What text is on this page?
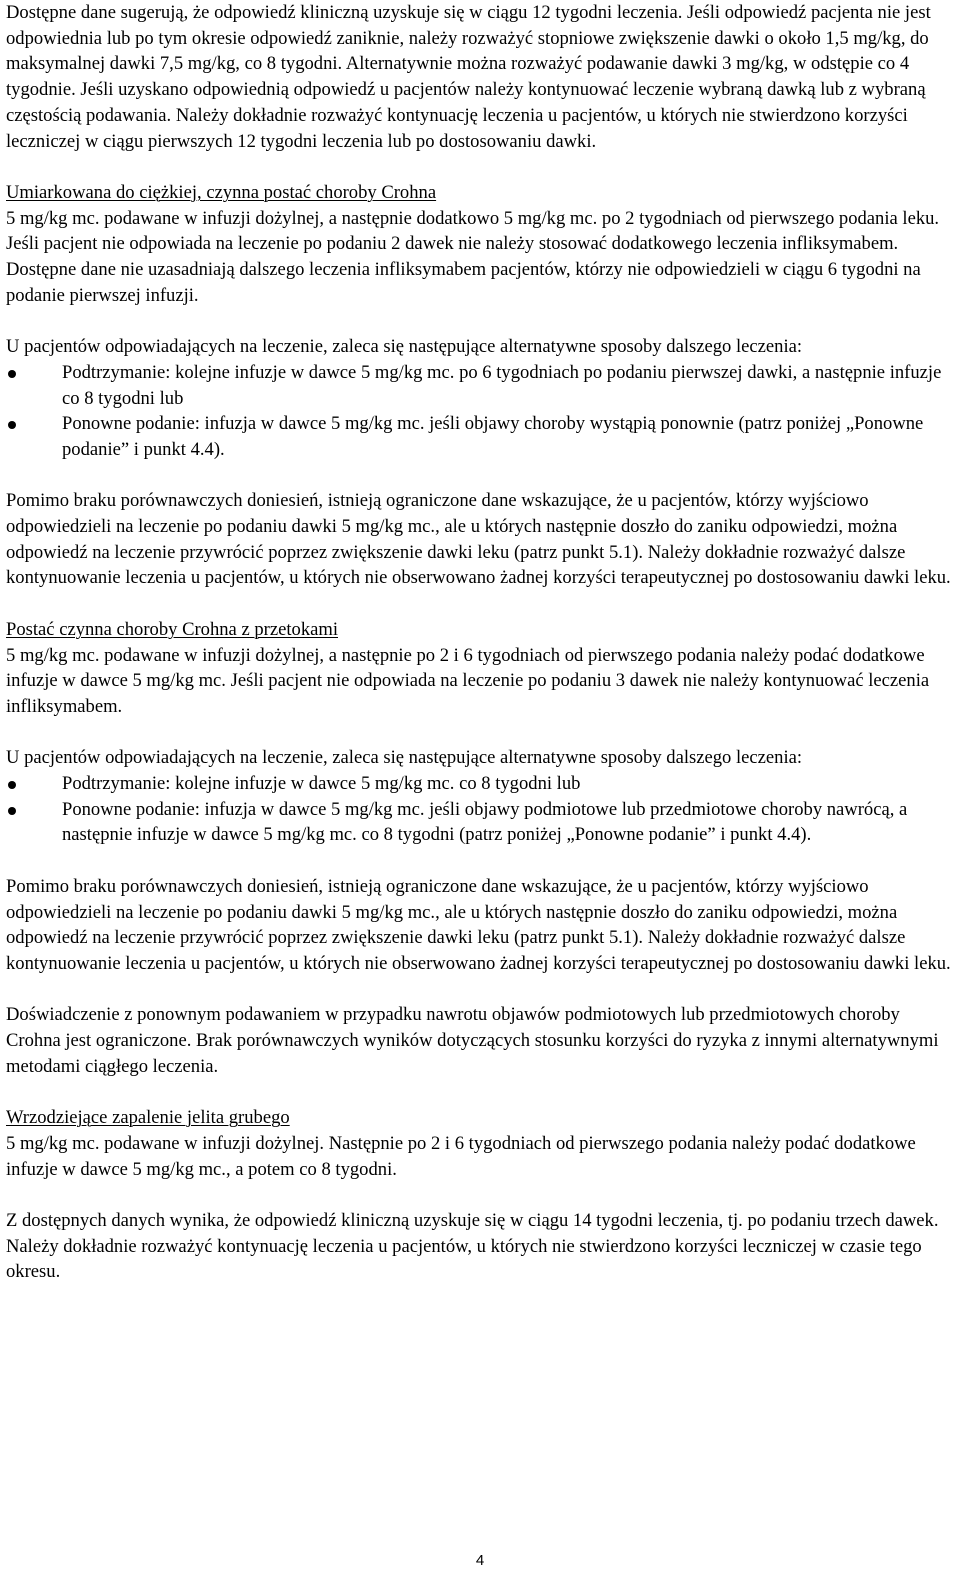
Dostępne dane sugerują, że odpowiedź kliniczną uzyskuje się w ciągu 12 tygodni leczenia. Jeśli odpowiedź pacjenta nie jest odpowiednia lub po tym okresie odpowiedź zaniknie, należy rozważyć stopniowe zwiększenie dawki o około 1,5 mg/kg, do maksymalnej dawki 7,5 mg/kg, co 8 tygodni. Alternatywnie można rozważyć podawanie dawki 3 mg/kg, w odstępie co 4 tygodnie. Jeśli uzyskano odpowiednią odpowiedź u pacjentów należy kontynuować leczenie wybraną dawką lub z wybraną częstością podawania. Należy dokładnie rozważyć kontynuację leczenia u pacjentów, u których nie stwierdzono korzyści leczniczej w ciągu pierwszych 12 tygodni leczenia lub po dostosowaniu dawki.

Umiarkowana do ciężkiej, czynna postać choroby Crohna

5 mg/kg mc. podawane w infuzji dożylnej, a następnie dodatkowo 5 mg/kg mc. po 2 tygodniach od pierwszego podania leku. Jeśli pacjent nie odpowiada na leczenie po podaniu 2 dawek nie należy stosować dodatkowego leczenia infliksymabem. Dostępne dane nie uzasadniają dalszego leczenia infliksymabem pacjentów, którzy nie odpowiedzieli w ciągu 6 tygodni na podanie pierwszej infuzji.

U pacjentów odpowiadających na leczenie, zaleca się następujące alternatywne sposoby dalszego leczenia:

Podtrzymanie: kolejne infuzje w dawce 5 mg/kg mc. po 6 tygodniach po podaniu pierwszej dawki, a następnie infuzje co 8 tygodni lub
Ponowne podanie: infuzja w dawce 5 mg/kg mc. jeśli objawy choroby wystąpią ponownie (patrz poniżej „Ponowne podanie” i punkt 4.4).

Pomimo braku porównawczych doniesień, istnieją ograniczone dane wskazujące, że u pacjentów, którzy wyjściowo odpowiedzieli na leczenie po podaniu dawki 5 mg/kg mc., ale u których następnie doszło do zaniku odpowiedzi, można odpowiedź na leczenie przywrócić poprzez zwiększenie dawki leku (patrz punkt 5.1). Należy dokładnie rozważyć dalsze kontynuowanie leczenia u pacjentów, u których nie obserwowano żadnej korzyści terapeutycznej po dostosowaniu dawki leku.

Postać czynna choroby Crohna z przetokami

5 mg/kg mc. podawane w infuzji dożylnej, a następnie po 2 i 6 tygodniach od pierwszego podania należy podać dodatkowe infuzje w dawce 5 mg/kg mc. Jeśli pacjent nie odpowiada na leczenie po podaniu 3 dawek nie należy kontynuować leczenia infliksymabem.

U pacjentów odpowiadających na leczenie, zaleca się następujące alternatywne sposoby dalszego leczenia:

Podtrzymanie: kolejne infuzje w dawce 5 mg/kg mc. co 8 tygodni lub
Ponowne podanie: infuzja w dawce 5 mg/kg mc. jeśli objawy podmiotowe lub przedmiotowe choroby nawrócą, a następnie infuzje w dawce 5 mg/kg mc. co 8 tygodni (patrz poniżej „Ponowne podanie” i punkt 4.4).

Pomimo braku porównawczych doniesień, istnieją ograniczone dane wskazujące, że u pacjentów, którzy wyjściowo odpowiedzieli na leczenie po podaniu dawki 5 mg/kg mc., ale u których następnie doszło do zaniku odpowiedzi, można odpowiedź na leczenie przywrócić poprzez zwiększenie dawki leku (patrz punkt 5.1). Należy dokładnie rozważyć dalsze kontynuowanie leczenia u pacjentów, u których nie obserwowano żadnej korzyści terapeutycznej po dostosowaniu dawki leku.

Doświadczenie z ponownym podawaniem w przypadku nawrotu objawów podmiotowych lub przedmiotowych choroby Crohna jest ograniczone. Brak porównawczych wyników dotyczących stosunku korzyści do ryzyka z innymi alternatywnymi metodami ciągłego leczenia.

Wrzodziejące zapalenie jelita grubego

5 mg/kg mc. podawane w infuzji dożylnej. Następnie po 2 i 6 tygodniach od pierwszego podania należy podać dodatkowe infuzje w dawce 5 mg/kg mc., a potem co 8 tygodni.

Z dostępnych danych wynika, że odpowiedź kliniczną uzyskuje się w ciągu 14 tygodni leczenia, tj. po podaniu trzech dawek. Należy dokładnie rozważyć kontynuację leczenia u pacjentów, u których nie stwierdzono korzyści leczniczej w czasie tego okresu.

4
